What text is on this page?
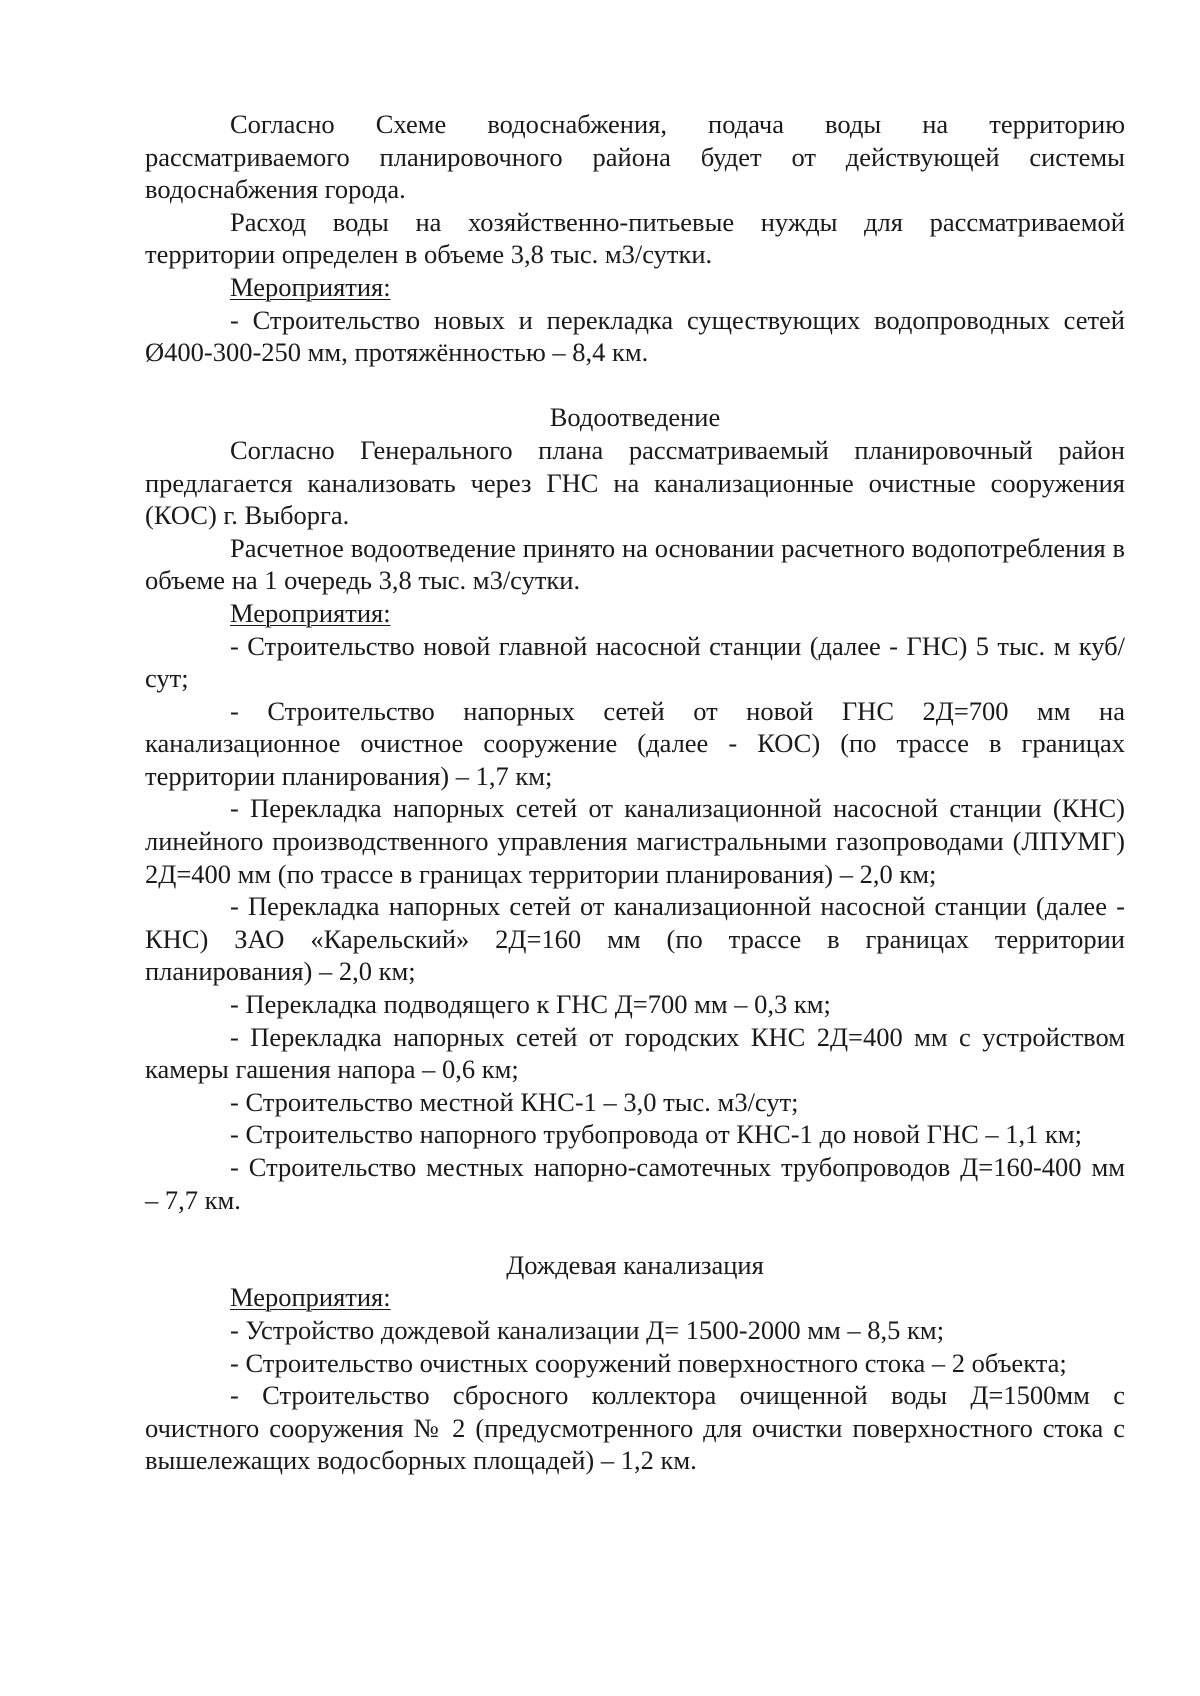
Согласно Схеме водоснабжения, подача воды на территорию рассматриваемого планировочного района будет от действующей системы водоснабжения города.

Расход воды на хозяйственно-питьевые нужды для рассматриваемой территории определен в объеме 3,8 тыс. м3/сутки.

Мероприятия:

- Строительство новых и перекладка существующих водопроводных сетей Ø400-300-250 мм, протяжённостью – 8,4 км.

Водоотведение

Согласно Генерального плана рассматриваемый планировочный район предлагается канализовать через ГНС на канализационные очистные сооружения (КОС) г. Выборга.

Расчетное водоотведение принято на основании расчетного водопотребления в объеме на 1 очередь 3,8 тыс. м3/сутки.

Мероприятия:

- Строительство новой главной насосной станции (далее - ГНС) 5 тыс. м куб/сут;

- Строительство напорных сетей от новой ГНС 2Д=700 мм на канализационное очистное сооружение (далее - КОС) (по трассе в границах территории планирования) – 1,7 км;

- Перекладка напорных сетей от канализационной насосной станции (КНС) линейного производственного управления магистральными газопроводами (ЛПУМГ) 2Д=400 мм (по трассе в границах территории планирования) – 2,0 км;

- Перекладка напорных сетей от канализационной насосной станции (далее - КНС) ЗАО «Карельский» 2Д=160 мм (по трассе в границах территории планирования) – 2,0 км;

- Перекладка подводящего к ГНС Д=700 мм – 0,3 км;

- Перекладка напорных сетей от городских КНС 2Д=400 мм с устройством камеры гашения напора – 0,6 км;

- Строительство местной КНС-1 – 3,0 тыс. м3/сут;

- Строительство напорного трубопровода от КНС-1 до новой ГНС – 1,1 км;

- Строительство местных напорно-самотечных трубопроводов Д=160-400 мм – 7,7 км.

Дождевая канализация

Мероприятия:

- Устройство дождевой канализации Д= 1500-2000 мм – 8,5 км;

- Строительство очистных сооружений поверхностного стока – 2 объекта;

- Строительство сбросного коллектора очищенной воды Д=1500мм с очистного сооружения № 2 (предусмотренного для очистки поверхностного стока с вышележащих водосборных площадей) – 1,2 км.
